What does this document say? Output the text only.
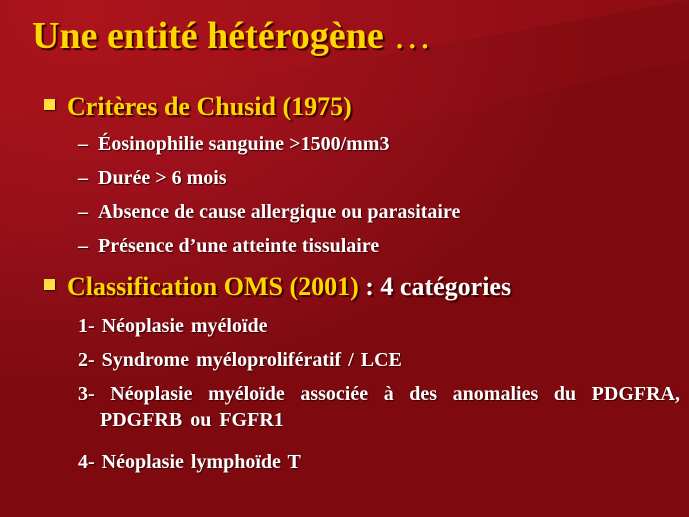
Une entité hétérogène …
Critères de Chusid (1975)
– Éosinophilie sanguine >1500/mm3
– Durée > 6 mois
– Absence de cause allergique ou parasitaire
– Présence d’une atteinte tissulaire
Classification OMS (2001) : 4 catégories
1- Néoplasie myéloïde
2- Syndrome myéloprolifératif / LCE
3- Néoplasie myéloïde associée à des anomalies du PDGFRA, PDGFRB ou FGFR1
4- Néoplasie lymphoïde T
